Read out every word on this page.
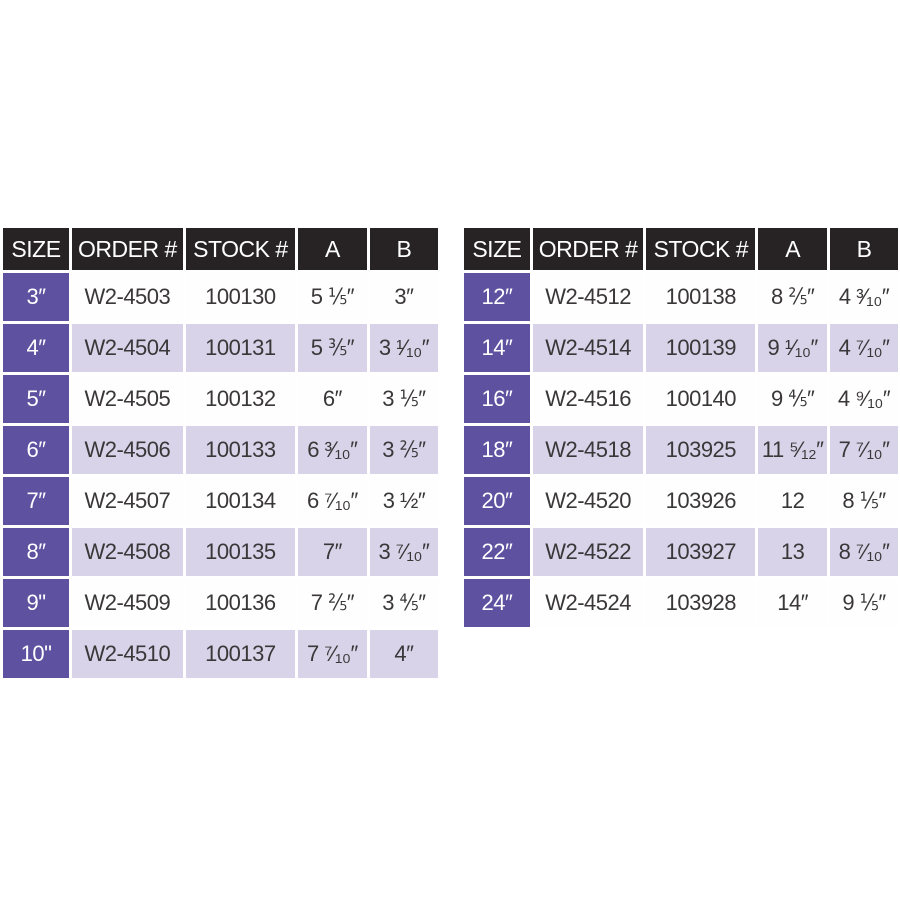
SIZE	ORDER #	STOCK #	A	B
3″	W2-4503	100130	5 ⅕″	3″
4″	W2-4504	100131	5 ⅗″	3 ¹⁄₁₀″
5″	W2-4505	100132	6″	3 ⅕″
6″	W2-4506	100133	6 ³⁄₁₀″	3 ⅖″
7″	W2-4507	100134	6 ⁷⁄₁₀″	3 ½″
8″	W2-4508	100135	7″	3 ⁷⁄₁₀″
9"	W2-4509	100136	7 ⅖″	3 ⅘″
10"	W2-4510	100137	7 ⁷⁄₁₀″	4″
SIZE	ORDER #	STOCK #	A	B
12″	W2-4512	100138	8 ⅖″	4 ³⁄₁₀″
14″	W2-4514	100139	9 ¹⁄₁₀″	4 ⁷⁄₁₀″
16″	W2-4516	100140	9 ⅘″	4 ⁹⁄₁₀″
18″	W2-4518	103925	11 ⁵⁄₁₂″	7 ⁷⁄₁₀″
20″	W2-4520	103926	12	8 ⅕″
22″	W2-4522	103927	13	8 ⁷⁄₁₀″
24″	W2-4524	103928	14″	9 ⅕″
